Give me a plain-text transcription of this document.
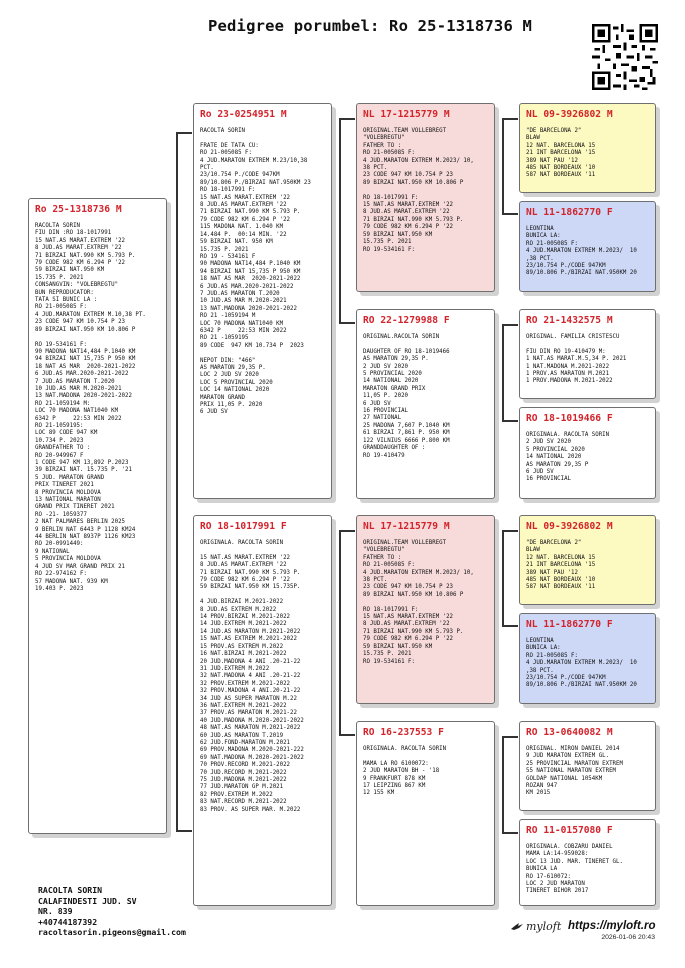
Pedigree porumbel: Ro 25-1318736 M
Ro 25-1318736 M
RACOLTA SORIN
FIU DIN :RO 18-1017991
15 NAT.AS MARAT.EXTREM '22
8 JUD.AS MARAT.EXTREM '22
71 BIRZAI NAT.990 KM 5.793 P.
79 CODE 982 KM 6.294 P '22
59 BIRZAI NAT.950 KM
15.735 P. 2021
CONSANGVIN: "VOLEBREGTU"
BUN REPRODUCATOR:
TATA SI BUNIC LA :
RO 21-005085 F:
4 JUD.MARATON EXTREM M.10,38 PT.
23 CODE 947 KM 10.754 P 23
89 BIRZAI NAT.950 KM 10.806 P

RO 19-534161 F:
90 MADONA NAT14,484 P.1040 KM
94 BIRZAI NAT 15,735 P 950 KM
18 NAT AS MAR  2020-2021-2022
6 JUD.AS MAR.2020-2021-2022
7 JUD.AS MARATON T.2020
10 JUD.AS MAR M.2020-2021
13 NAT.MADONA 2020-2021-2022
RO 21-1059194 M:
LOC 70 MADONA NAT1040 KM
6342 P     22:53 MIN 2022
RO 21-1059195:
LOC 89 CODE 947 KM
10.734 P. 2023
GRANDFATHER TO :
RO 20-949967 F
1 CODE 947 KM 13,892 P.2023
39 BIRZAI NAT. 15.735 P. '21
5 JUD. MARATON GRAND
PRIX TINERET 2021
8 PROVINCIA MOLDOVA
13 NATIONAL MARATON
GRAND PRIX TINERET 2021
RO -21- 1059377
2 NAT PALMARES BERLIN 2025
9 BERLIN NAT 6443 P 1128 KM24
44 BERLIN NAT 8937P 1126 KM23
RO 20-0991449:
9 NATIONAL
5 PROVINCIA MOLDOVA
4 JUD SV MAR GRAND PRIX 21
RO 22-974162 F:
57 MADONA NAT. 939 KM
19.403 P. 2023
Ro 23-0254951 M
RACOLTA SORIN

FRATE DE TATA CU:
RO 21-005085 F:
4 JUD.MARATON EXTREM M.23/10,38
PCT.
23/10.754 P./CODE 947KM
89/10.806 P./BIRZAI NAT.950KM 23
RO 18-1017991 F:
15 NAT.AS MARAT.EXTREM '22
8 JUD.AS MARAT.EXTREM '22
71 BIRZAI NAT.990 KM 5.793 P.
79 CODE 982 KM 6.294 P '22
115 MADONA NAT. 1.040 KM
14.484 P.  00:14 MIN. '22
59 BIRZAI NAT. 950 KM
15.735 P. 2021
RO 19 - 534161 F
90 MADONA NAT14,484 P.1040 KM
94 BIRZAI NAT 15,735 P 950 KM
18 NAT AS MAR  2020-2021-2022
6 JUD.AS MAR.2020-2021-2022
7 JUD.AS MARATON T.2020
10 JUD.AS MAR M.2020-2021
13 NAT.MADONA 2020-2021-2022
RO 21 -1059194 M
LOC 70 MADONA NAT1040 KM
6342 P     22:53 MIN 2022
RO 21 -1059195
89 CODE  947 KM 10.734 P  2023

NEPOT DIN: "466"
AS MARATON 29,35 P.
LOC 2 JUD SV 2020
LOC 5 PROVINCIAL 2020
LOC 14 NATIONAL 2020
MARATON GRAND
PRIX 11,05 P. 2020
6 JUD SV
RO 18-1017991 F
ORIGINALA. RACOLTA SORIN

15 NAT.AS MARAT.EXTREM '22
8 JUD.AS MARAT.EXTREM '22
71 BIRZAI NAT.990 KM 5.793 P.
79 CODE 982 KM 6.294 P '22
59 BIRZAI NAT.950 KM 15.735P.

4 JUD.BIRZAI M.2021-2022
8 JUD.AS EXTREM M.2022
14 PROV.BIRZAI M.2021-2022
14 JUD.EXTREM M.2021-2022
14 JUD.AS MARATON M.2021-2022
15 NAT.AS EXTREM M.2021-2022
15 PROV.AS EXTREM M.2022
16 NAT.BIRZAI M.2021-2022
20 JUD.MADONA 4 ANI .20-21-22
31 JUD.EXTREM M.2022
32 NAT.MADONA 4 ANI .20-21-22
32 PROV.EXTREM M.2021-2022
32 PROV.MADONA 4 ANI.20-21-22
34 JUD AS SUPER MARATON M.22
36 NAT.EXTREM M.2021-2022
37 PROV.AS MARATON M.2021-22
40 JUD.MADONA M.2020-2021-2022
48 NAT.AS MARATON M.2021-2022
60 JUD.AS MARATON T.2019
62 JUD.FOND-MARATON M.2021
69 PROV.MADONA M.2020-2021-222
69 NAT.MADONA M.2020-2021-2022
70 PROV.RECORD M.2021-2022
70 JUD.RECORD M.2021-2022
75 JUD.MADONA M.2021-2022
77 JUD.MARATON GP M.2021
82 PROV.EXTREM M.2022
83 NAT.RECORD M.2021-2022
83 PROV. AS SUPER MAR. M.2022
NL 17-1215779 M
ORIGINAL.TEAM VOLLEBREGT
"VOLEBREGTU"
FATHER TO :
RO 21-005085 F:
4 JUD.MARATON EXTREM M.2023/ 10,
38 PCT.
23 CODE 947 KM 10.754 P 23
89 BIRZAI NAT.950 KM 10.806 P

RO 18-1017991 F:
15 NAT.AS MARAT.EXTREM '22
8 JUD.AS MARAT.EXTREM '22
71 BIRZAI NAT.990 KM 5.793 P.
79 CODE 982 KM 6.294 P '22
59 BIRZAI NAT.950 KM
15.735 P. 2021
RO 19-534161 F:
RO 22-1279988 F
ORIGINAL.RACOLTA SORIN

DAUGHTER OF RO 18-1019466
AS MARATON 29,35 P.
2 JUD SV 2020
5 PROVINCIAL 2020
14 NATIONAL 2020
MARATON GRAND PRIX
11,05 P. 2020
6 JUD SV
16 PROVINCIAL
27 NATIONAL
25 MADONA 7,607 P.1040 KM
61 BIRZAI 7,861 P. 950 KM
122 VILNIUS 6666 P.800 KM
GRANDDAUGHTER OF :
RO 19-410479
NL 17-1215779 M
ORIGINAL.TEAM VOLLEBREGT
"VOLEBREGTU"
FATHER TO :
RO 21-005085 F:
4 JUD.MARATON EXTREM M.2023/ 10,
38 PCT.
23 CODE 947 KM 10.754 P 23
89 BIRZAI NAT.950 KM 10.806 P

RO 18-1017991 F:
15 NAT.AS MARAT.EXTREM '22
8 JUD.AS MARAT.EXTREM '22
71 BIRZAI NAT.990 KM 5.793 P.
79 CODE 982 KM 6.294 P '22
59 BIRZAI NAT.950 KM
15.735 P. 2021
RO 19-534161 F:
RO 16-237553 F
ORIGINALA. RACOLTA SORIN

MAMA LA RO 6100072:
2 JUD MARATON BH - '18
9 FRANKFURT 878 KM
17 LEIPZING 867 KM
12 155 KM
NL 09-3926802 M
"DE BARCELONA 2"
BLAW
12 NAT. BARCELONA 15
21 INT BARCELONA '15
389 NAT PAU '12
485 NAT BORDEAUX '10
587 NAT BORDEAUX '11
NL 11-1862770 F
LEONTINA
BUNICA LA:
RO 21-005085 F:
4 JUD.MARATON EXTREM M.2023/  10
,38 PCT.
23/10.754 P./CODE 947KM
89/10.806 P./BIRZAI NAT.950KM 20
RO 21-1432575 M
ORIGINAL. FAMILIA CRISTESCU

FIU DIN RO 19-410479 M:
1 NAT.AS MARAT.M.5,34 P. 2021
1 NAT.MADONA M.2021-2022
1 PROV.AS MARATON M.2021
1 PROV.MADONA M.2021-2022
RO 18-1019466 F
ORIGINALA. RACOLTA SORIN
2 JUD SV 2020
5 PROVINCIAL 2020
14 NATIONAL 2020
AS MARATON 29,35 P
6 JUD SV
16 PROVINCIAL
NL 09-3926802 M
"DE BARCELONA 2"
BLAW
12 NAT. BARCELONA 15
21 INT BARCELONA '15
389 NAT PAU '12
485 NAT BORDEAUX '10
587 NAT BORDEAUX '11
NL 11-1862770 F
LEONTINA
BUNICA LA:
RO 21-005085 F:
4 JUD.MARATON EXTREM M.2023/  10
,38 PCT.
23/10.754 P./CODE 947KM
89/10.806 P./BIRZAI NAT.950KM 20
RO 13-0640082 M
ORIGINAL. MIRON DANIEL 2014
9 JUD MARATON EXTREM GL.
25 PROVINCIAL MARATON EXTREM
55 NATIONAL MARATON EXTREM
GOLDAP NATIONAL 1054KM
ROZAN 947
KM 2015
RO 11-0157080 F
ORIGINALA. COBZARU DANIEL
MAMA LA:14-959028:
LOC 13 JUD. MAR. TINERET GL.
BUNICA LA
RO 17-610072:
LOC 2 JUD MARATON
TINERET BIHOR 2017
RACOLTA SORIN
CALAFINDESTI JUD. SV
NR. 839
+40744187392
racoltasorin.pigeons@gmail.com	myloft https://myloft.ro
2026-01-06 20:43
